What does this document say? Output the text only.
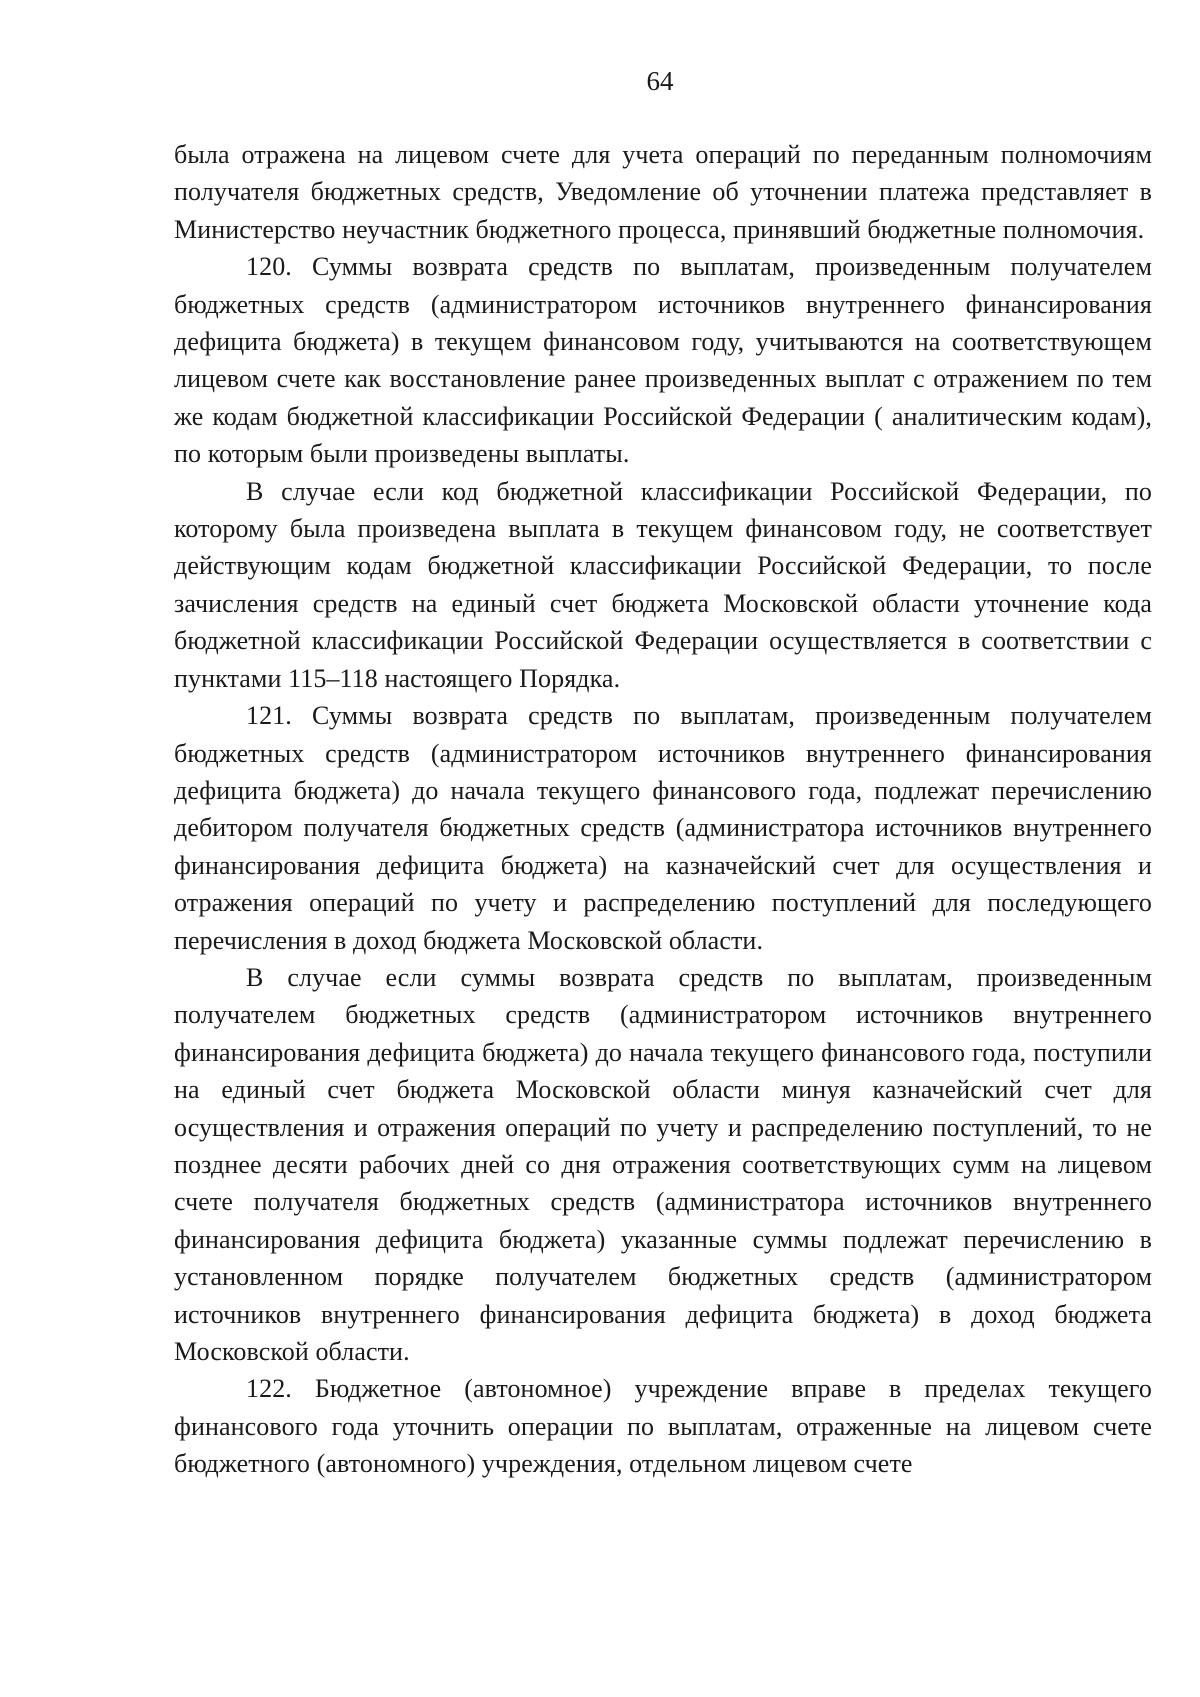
64

была отражена на лицевом счете для учета операций по переданным полномочиям получателя бюджетных средств, Уведомление об уточнении платежа представляет в Министерство неучастник бюджетного процесса, принявший бюджетные полномочия.

120. Суммы возврата средств по выплатам, произведенным получателем бюджетных средств (администратором источников внутреннего финансирования дефицита бюджета) в текущем финансовом году, учитываются на соответствующем лицевом счете как восстановление ранее произведенных выплат с отражением по тем же кодам бюджетной классификации Российской Федерации ( аналитическим кодам), по которым были произведены выплаты.

В случае если код бюджетной классификации Российской Федерации, по которому была произведена выплата в текущем финансовом году, не соответствует действующим кодам бюджетной классификации Российской Федерации, то после зачисления средств на единый счет бюджета Московской области уточнение кода бюджетной классификации Российской Федерации осуществляется в соответствии с пунктами 115–118 настоящего Порядка.

121. Суммы возврата средств по выплатам, произведенным получателем бюджетных средств (администратором источников внутреннего финансирования дефицита бюджета) до начала текущего финансового года, подлежат перечислению дебитором получателя бюджетных средств (администратора источников внутреннего финансирования дефицита бюджета) на казначейский счет для осуществления и отражения операций по учету и распределению поступлений для последующего перечисления в доход бюджета Московской области.

В случае если суммы возврата средств по выплатам, произведенным получателем бюджетных средств (администратором источников внутреннего финансирования дефицита бюджета) до начала текущего финансового года, поступили на единый счет бюджета Московской области минуя казначейский счет для осуществления и отражения операций по учету и распределению поступлений, то не позднее десяти рабочих дней со дня отражения соответствующих сумм на лицевом счете получателя бюджетных средств (администратора источников внутреннего финансирования дефицита бюджета) указанные суммы подлежат перечислению в установленном порядке получателем бюджетных средств (администратором источников внутреннего финансирования дефицита бюджета) в доход бюджета Московской области.

122. Бюджетное (автономное) учреждение вправе в пределах текущего финансового года уточнить операции по выплатам, отраженные на лицевом счете бюджетного (автономного) учреждения, отдельном лицевом счете
